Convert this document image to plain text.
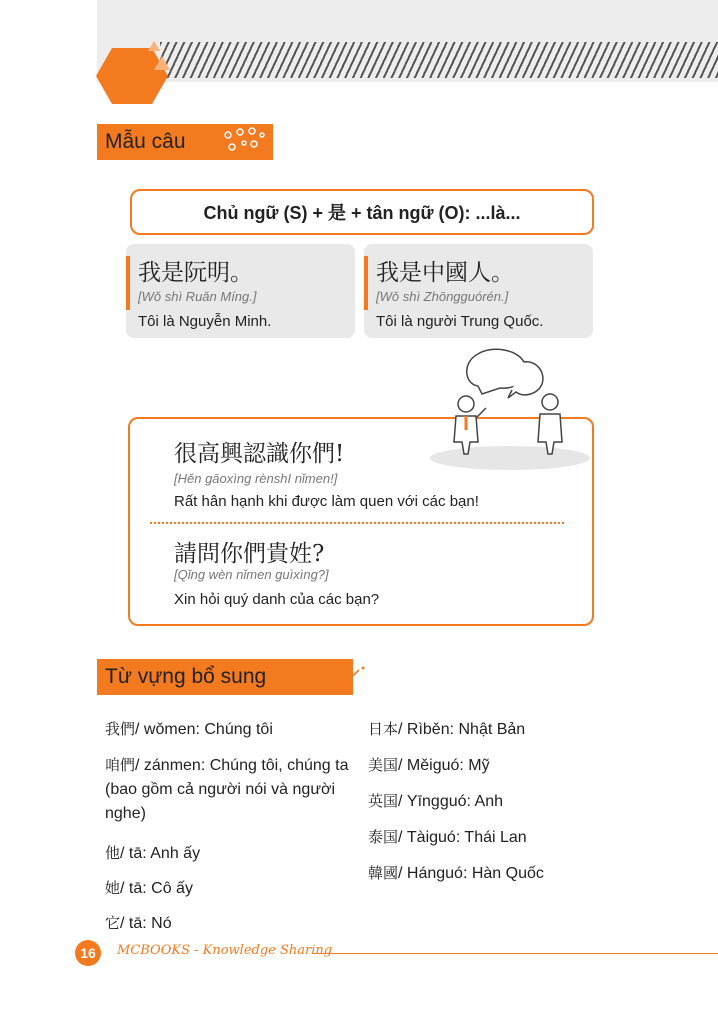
Mẫu câu
Chủ ngữ (S) + 是 + tân ngữ (O): ...là...
我是阮明。
[Wǒ shì Ruǎn Míng.]
Tôi là Nguyễn Minh.
我是中國人。
[Wǒ shì Zhōngguórén.]
Tôi là người Trung Quốc.
很高興認識你們!
[Hěn gāoxìng rènshI nǐmen!]
Rất hân hạnh khi được làm quen với các bạn!
請問你們貴姓?
[Qǐng wèn nǐmen guìxìng?]
Xin hỏi quý danh của các bạn?
Từ vựng bổ sung
我們/ wǒmen: Chúng tôi
咱們/ zánmen: Chúng tôi, chúng ta (bao gồm cả người nói và người nghe)
他/ tā: Anh ấy
她/ tā: Cô ấy
它/ tā: Nó
日本/ Rìběn: Nhật Bản
美国/ Měiguó: Mỹ
英国/ Yīngguó: Anh
泰国/ Tàiguó: Thái Lan
韓國/ Hánguó: Hàn Quốc
16 MCBOOKS - Knowledge Sharing
